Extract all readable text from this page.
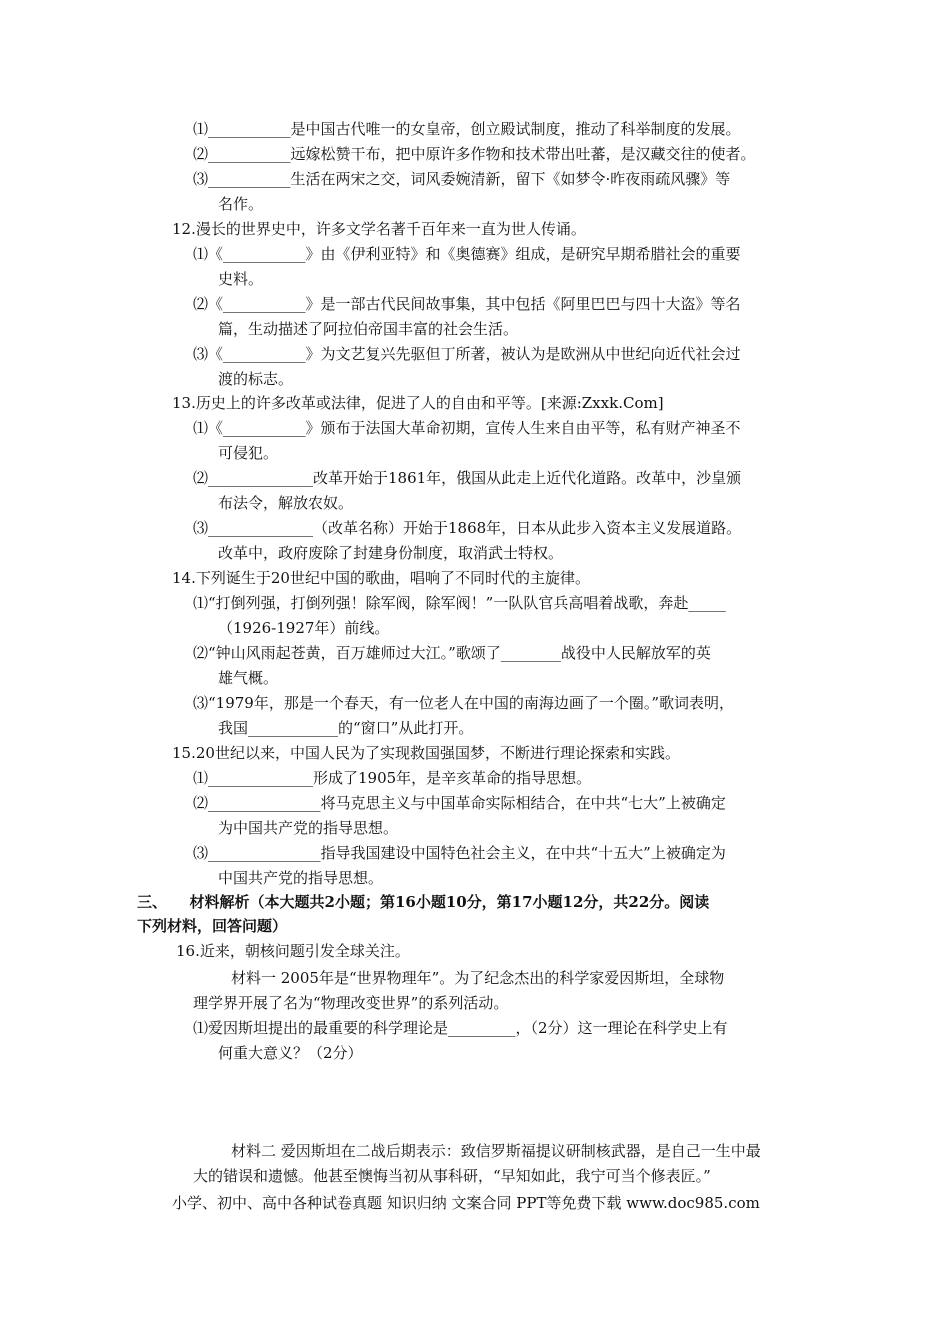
⑴___________是中国古代唯一的女皇帝，创立殿试制度，推动了科举制度的发展。
⑵___________远嫁松赞干布，把中原许多作物和技术带出吐蕃，是汉藏交往的使者。
⑶___________生活在两宋之交，词风委婉清新，留下《如梦令·昨夜雨疏风骤》等
名作。
12.漫长的世界史中，许多文学名著千百年来一直为世人传诵。
⑴《___________》由《伊利亚特》和《奥德赛》组成，是研究早期希腊社会的重要
史料。
⑵《___________》是一部古代民间故事集，其中包括《阿里巴巴与四十大盗》等名
篇，生动描述了阿拉伯帝国丰富的社会生活。
⑶《___________》为文艺复兴先驱但丁所著，被认为是欧洲从中世纪向近代社会过
渡的标志。
13.历史上的许多改革或法律，促进了人的自由和平等。[来源:Zxxk.Com]
⑴《___________》颁布于法国大革命初期，宣传人生来自由平等，私有财产神圣不
可侵犯。
⑵______________改革开始于1861年，俄国从此走上近代化道路。改革中，沙皇颁
布法令，解放农奴。
⑶______________（改革名称）开始于1868年，日本从此步入资本主义发展道路。
改革中，政府废除了封建身份制度，取消武士特权。
14.下列诞生于20世纪中国的歌曲，唱响了不同时代的主旋律。
⑴“打倒列强，打倒列强！除军阀，除军阀！”一队队官兵高唱着战歌，奔赴_____
（1926-1927年）前线。
⑵“钟山风雨起苍黄，百万雄师过大江。”歌颂了________战役中人民解放军的英
雄气概。
⑶“1979年，那是一个春天，有一位老人在中国的南海边画了一个圈。”歌词表明，
我国____________的“窗口”从此打开。
15.20世纪以来，中国人民为了实现救国强国梦，不断进行理论探索和实践。
⑴______________形成了1905年，是辛亥革命的指导思想。
⑵_______________将马克思主义与中国革命实际相结合，在中共“七大”上被确定
为中国共产党的指导思想。
⑶_______________指导我国建设中国特色社会主义，在中共“十五大”上被确定为
中国共产党的指导思想。
三、　　材料解析（本大题共2小题；第16小题10分，第17小题12分，共22分。阅读
下列材料，回答问题）
16.近来，朝核问题引发全球关注。
材料一 2005年是“世界物理年”。为了纪念杰出的科学家爱因斯坦，全球物
理学界开展了名为“物理改变世界”的系列活动。
⑴爱因斯坦提出的最重要的科学理论是_________，（2分）这一理论在科学史上有
何重大意义？（2分）
材料二 爱因斯坦在二战后期表示：致信罗斯福提议研制核武器，是自己一生中最
大的错误和遗憾。他甚至懊悔当初从事科研，“早知如此，我宁可当个修表匠。”
小学、初中、高中各种试卷真题 知识归纳 文案合同 PPT等免费下载 www.doc985.com
